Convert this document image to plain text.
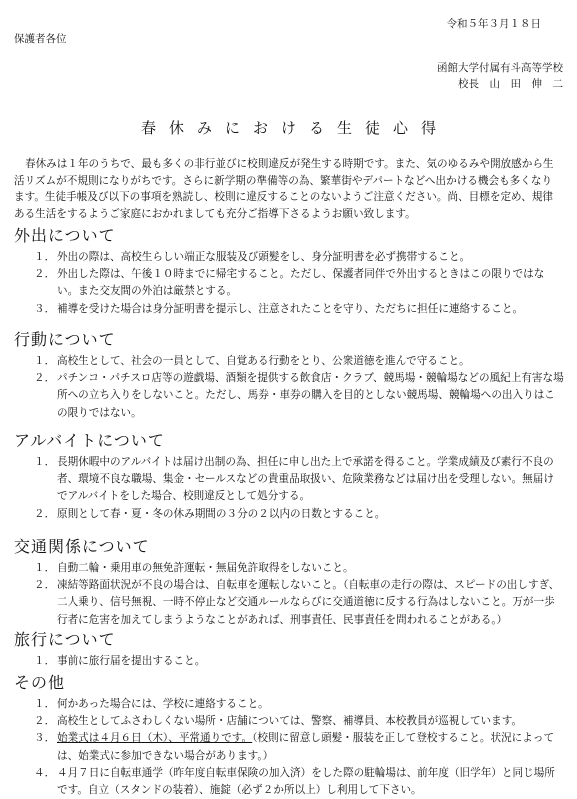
令和５年３月１８日
保護者各位
函館大学付属有斗高等学校
校長　山　田　伸　二
春休みにおける生徒心得
春休みは１年のうちで、最も多くの非行並びに校則違反が発生する時期です。また、気のゆるみや開放感から生活リズムが不規則になりがちです。さらに新学期の準備等の為、繁華街やデパートなどへ出かける機会も多くなります。生徒手帳及び以下の事項を熟読し、校則に違反することのないようご注意ください。尚、目標を定め、規律ある生活をするようご家庭におかれましても充分ご指導下さるようお願い致します。
外出について
１． 外出の際は、高校生らしい端正な服装及び頭髪をし、身分証明書を必ず携帯すること。
２． 外出した際は、午後１０時までに帰宅すること。ただし、保護者同伴で外出するときはこの限りではない。また交友間の外泊は厳禁とする。
３． 補導を受けた場合は身分証明書を提示し、注意されたことを守り、ただちに担任に連絡すること。
行動について
１． 高校生として、社会の一員として、自覚ある行動をとり、公衆道徳を進んで守ること。
２． パチンコ・パチスロ店等の遊戯場、酒類を提供する飲食店・クラブ、競馬場・競輪場などの風紀上有害な場所への立ち入りをしないこと。ただし、馬券・車券の購入を目的としない競馬場、競輪場への出入りはこの限りではない。
アルバイトについて
１． 長期休暇中のアルバイトは届け出制の為、担任に申し出た上で承諾を得ること。学業成績及び素行不良の者、環境不良な職場、集金・セールスなどの貴重品取扱い、危険業務などは届け出を受理しない。無届けでアルバイトをした場合、校則違反として処分する。
２． 原則として春・夏・冬の休み期間の３分の２以内の日数とすること。
交通関係について
１． 自動二輪・乗用車の無免許運転・無届免許取得をしないこと。
２． 凍結等路面状況が不良の場合は、自転車を運転しないこと。（自転車の走行の際は、スピードの出しすぎ、二人乗り、信号無視、一時不停止など交通ルールならびに交通道徳に反する行為はしないこと。万が一歩行者に危害を加えてしまうようなことがあれば、刑事責任、民事責任を問われることがある。）
旅行について
１． 事前に旅行届を提出すること。
その他
１． 何かあった場合には、学校に連絡すること。
２． 高校生としてふさわしくない場所・店舗については、警察、補導員、本校教員が巡視しています。
３． 始業式は４月６日（木）、平常通りです。（校則に留意し頭髪・服装を正して登校すること。状況によっては、始業式に参加できない場合があります。）
４． ４月７日に自転車通学（昨年度自転車保険の加入済）をした際の駐輪場は、前年度（旧学年）と同じ場所です。自立（スタンドの装着）、施錠（必ず２か所以上）し利用して下さい。
